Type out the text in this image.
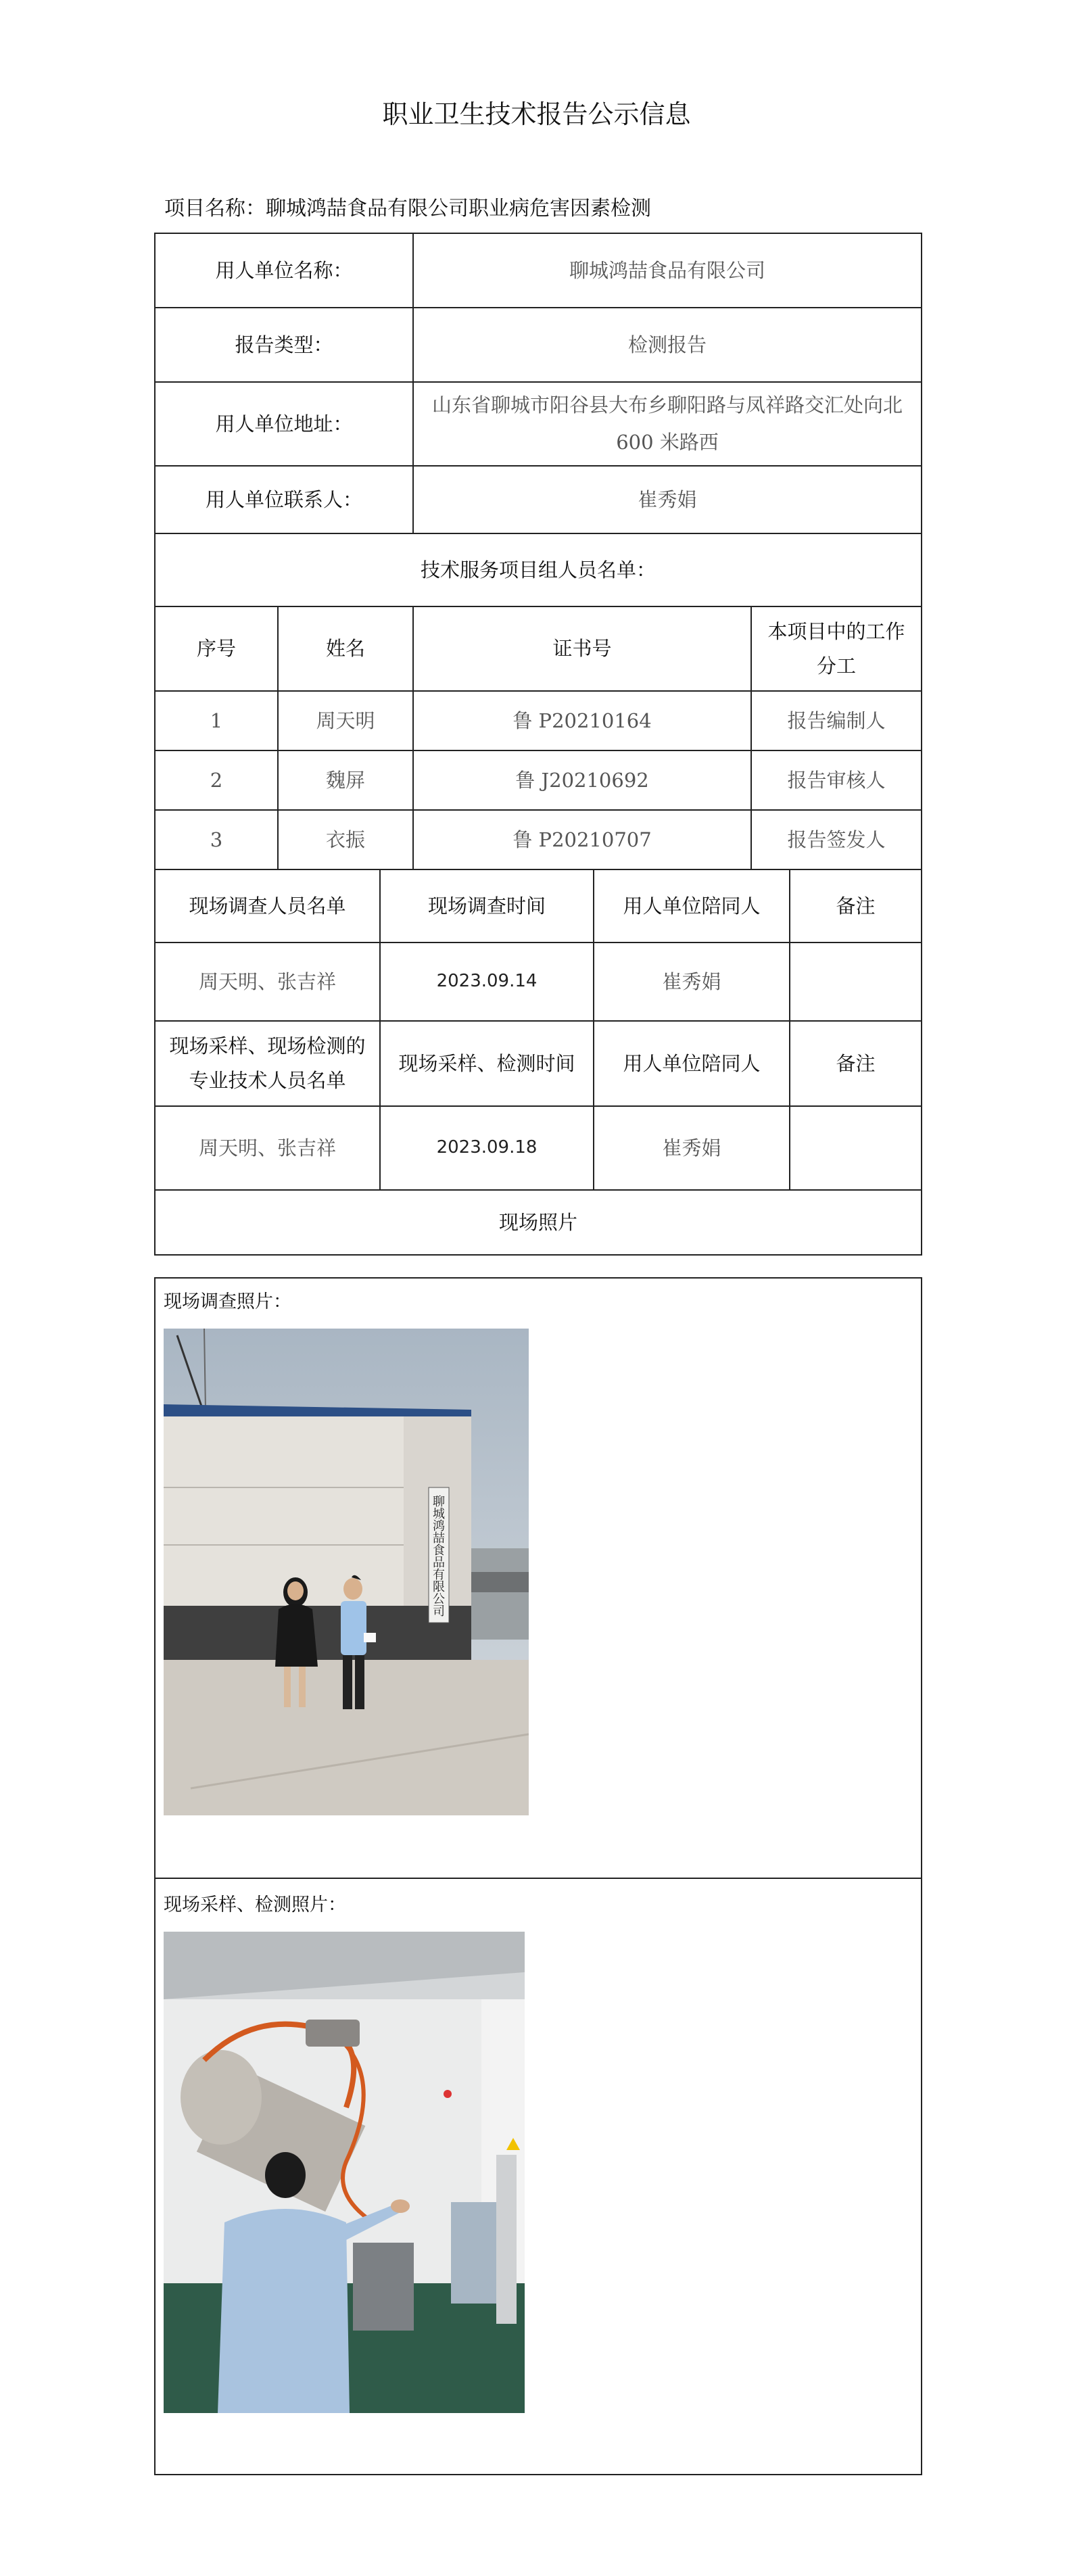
职业卫生技术报告公示信息
项目名称：聊城鸿喆食品有限公司职业病危害因素检测
用人单位名称：		聊城鸿喆食品有限公司	
报告类型：		检测报告	
用人单位地址：		山东省聊城市阳谷县大布乡聊阳路与凤祥路交汇处向北600 米路西	
用人单位联系人：		崔秀娟	
技术服务项目组人员名单：			
序号	姓名	证书号	本项目中的工作分工
1	周天明	鲁 P20210164	报告编制人
2	魏屏	鲁 J20210692	报告审核人
3	衣振	鲁 P20210707	报告签发人
现场调查人员名单	现场调查时间	用人单位陪同人	备注
周天明、张吉祥	2023.09.14	崔秀娟	
现场采样、现场检测的专业技术人员名单	现场采样、检测时间	用人单位陪同人	备注
周天明、张吉祥	2023.09.18	崔秀娟	
现场照片			
现场调查照片：
聊城鸿喆食品有限公司
现场采样、检测照片：
